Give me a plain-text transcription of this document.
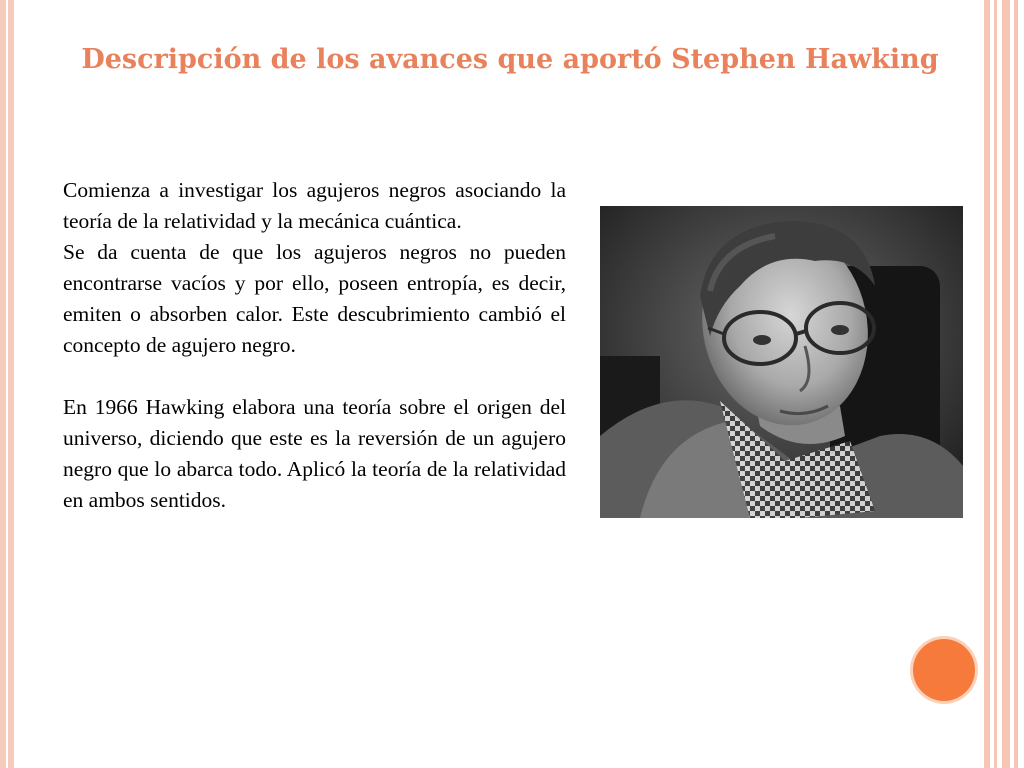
Descripción de los avances que aportó Stephen Hawking

Comienza a investigar los agujeros negros asociando la teoría de la relatividad y la mecánica cuántica.

Se da cuenta de que los agujeros negros no pueden encontrarse vacíos y por ello, poseen entropía, es decir, emiten o absorben calor. Este descubrimiento cambió el concepto de agujero negro.

En 1966 Hawking elabora una teoría sobre el origen del universo, diciendo que este es la reversión de un agujero negro que lo abarca todo. Aplicó la teoría de la relatividad en ambos sentidos.
